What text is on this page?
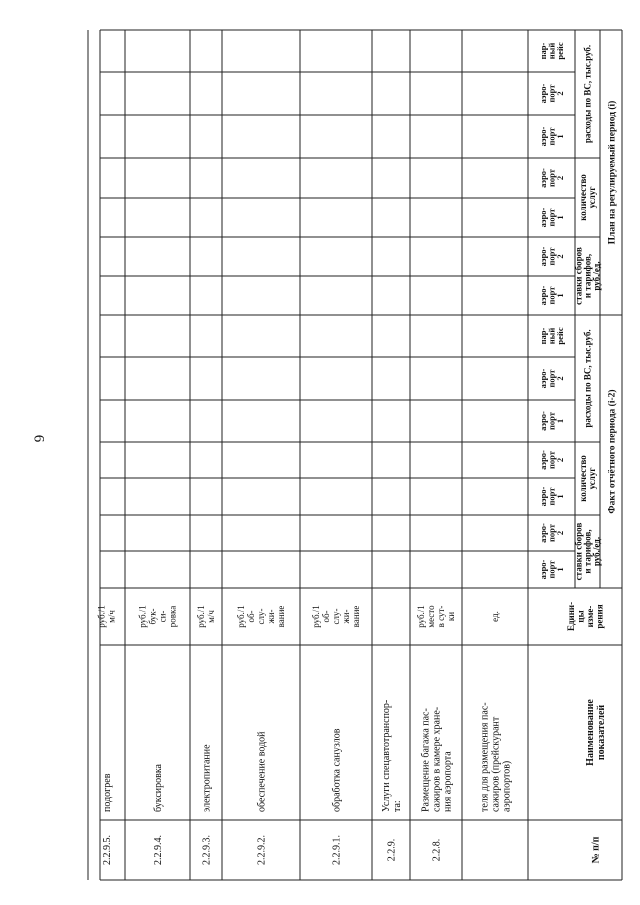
6
№ п/п
Наименованиепоказателей
Едини-цыизме-рения
Факт отчётного периода (i-2)
План на регулируемый период (i)
ставки сборови тарифов,руб./ед.
количествоуслуг
расходы по ВС, тыс.руб.
ставки сборови тарифов,руб./ед.
количествоуслуг
расходы по ВС, тыс.руб.
аэро-порт1
аэро-порт2
аэро-порт1
аэро-порт2
аэро-порт1
аэро-порт2
пар-ныйрейс
аэро-порт1
аэро-порт2
аэро-порт1
аэро-порт2
аэро-порт1
аэро-порт2
пар-ныйрейс
теля для размещения пас-сажиров (прейскурантаэропортов)
ед.
2.2.8.
Размещение багажа пас-сажиров в камере хране-ния аэропорта
руб./1местов сут-ки
2.2.9.
Услуги спецавтотранспор-та:
2.2.9.1.
обработка санузлов
руб./1об-слу-жи-вание
2.2.9.2.
обеспечение водой
руб./1об-слу-жи-вание
2.2.9.3.
электропитание
руб./1м/ч
2.2.9.4.
буксировка
руб./1бук-си-ровка
2.2.9.5.
подогрев
руб./1м/ч
